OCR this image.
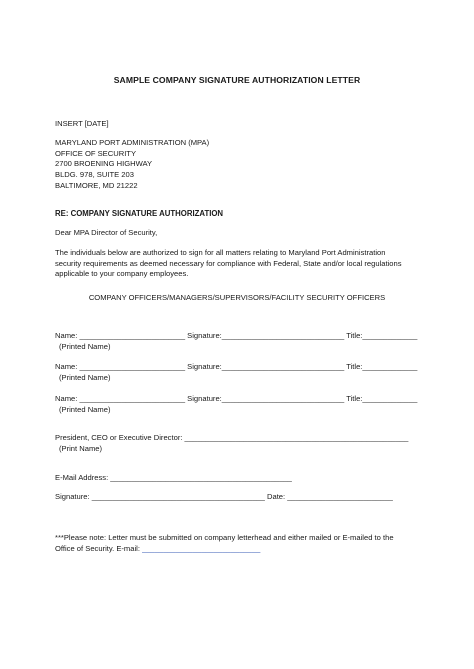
SAMPLE COMPANY SIGNATURE AUTHORIZATION LETTER
INSERT [DATE]
MARYLAND PORT ADMINISTRATION (MPA)
OFFICE OF SECURITY
2700 BROENING HIGHWAY
BLDG. 978, SUITE 203
BALTIMORE, MD 21222
RE: COMPANY SIGNATURE AUTHORIZATION
Dear MPA Director of Security,
The individuals below are authorized to sign for all matters relating to Maryland Port Administration
security requirements as deemed necessary for compliance with Federal, State and/or local regulations
applicable to your company employees.
COMPANY OFFICERS/MANAGERS/SUPERVISORS/FACILITY SECURITY OFFICERS
Name: _________________________ Signature:_____________________________ Title:_____________
(Printed Name)
Name: _________________________ Signature:_____________________________ Title:_____________
(Printed Name)
Name: _________________________ Signature:_____________________________ Title:_____________
(Printed Name)
President, CEO or Executive Director: _____________________________________________________
(Print Name)
E-Mail Address: ___________________________________________
Signature: _________________________________________ Date: _________________________
***Please note: Letter must be submitted on company letterhead and either mailed or E-mailed to the
Office of Security. E-mail: ____________________________
